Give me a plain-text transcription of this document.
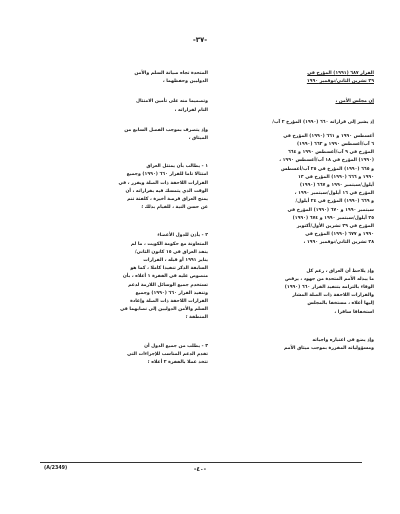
-٣٧-
القرار ٦٨٧ (١٩٩١) المؤرخ في
٢٩ تشرين الثاني/نوفمبر ١٩٩٠
إن مجلس الأمن ،
إذ يشير إلى قراراته ٦٦٠ (١٩٩٠) المؤرخ ٢ آب/
أغسطس ١٩٩٠ و ٦٦١ (١٩٩٠) المؤرخ في
٦ آب/أغسطس ١٩٩٠ و ٦٦٢ (١٩٩٠)
المؤرخ في ٩ آب/أغسطس ١٩٩٠ و ٦٦٤
(١٩٩٠) المؤرخ في ١٨ آب/أغسطس ١٩٩٠ ،
و ٦٦٥ (١٩٩٠) المؤرخ في ٢٥ آب/أغسطس
١٩٩٠ و ٦٦٦ (١٩٩٠) المؤرخ في ١٣
أيلول/سبتمبر ١٩٩٠ و ٦٦٧ (١٩٩٠)
المؤرخ في ١٦ أيلول/سبتمبر ١٩٩٠ ،
و ٦٦٩ (١٩٩٠) المؤرخ في ٢٤ أيلول/
سبتمبر ١٩٩٠ و ٦٧٠ (١٩٩٠) المؤرخ في
٢٥ أيلول/سبتمبر ١٩٩٠ و ٦٧٤ (١٩٩٠)
المؤرخ في ٢٩ تشرين الأول/أكتوبر
١٩٩٠ و ٦٧٧ (١٩٩٠) المؤرخ في
٢٨ تشرين الثاني/نوفمبر ١٩٩٠ ،
وإذ يلاحظ أن العراق ، رغم كل
ما يبذله الأمم المتحدة من جهود ، يرفض
الوفاء بالتزامه بتنفيذ القرار ٦٦٠ (١٩٩٠)
والقرارات اللاحقة ذات الصلة المشار
إليها أعلاه ، مستخفا بالمجلس
استخفافا سافرا ،
وإذ يضع في اعتباره واجباته
ومسؤولياته المقررة بموجب ميثاق الأمم
المتحدة تجاه صيانة السلم والأمن
الدوليين وحفظهما ،
وتصميما منه على تأمين الامتثال
التام لقراراته ،
وإذ يتصرف بموجب الفصل السابع من
الميثاق ،
١ - يطالب بأن يمتثل العراق
امتثالا تاما للقرار ٦٦٠ (١٩٩٠) وجميع
القرارات اللاحقة ذات الصلة ويقرر ، في
الوقت الذي يتمسك فيه بقراراته ، أن
يمنح العراق فرصة أخيرة ، كلفتة تنم
عن حسن النية ، للقيام بذلك ؛
٢ - يأذن للدول الأعضاء
المتعاونة مع حكومة الكويت ، ما لم
ينفذ العراق في ١٥ كانون الثاني/
يناير ١٩٩١ أو قبله ، القرارات
السابقة الذكر تنفيذا كاملا ، كما هو
منصوص عليه في الفقرة ١ أعلاه ، بأن
تستخدم جميع الوسائل اللازمة لدعم
وتنفيذ القرار ٦٦٠ (١٩٩٠) وجميع
القرارات اللاحقة ذات الصلة وإعادة
السلم والأمن الدوليين إلى نصابهما في
المنطقة ؛
٣ - يطلب من جميع الدول أن
تقدم الدعم المناسب للإجراءات التي
تتخذ عملا بالفقرة ٢ أعلاه ؛
(A/2349)	-٤٠-
